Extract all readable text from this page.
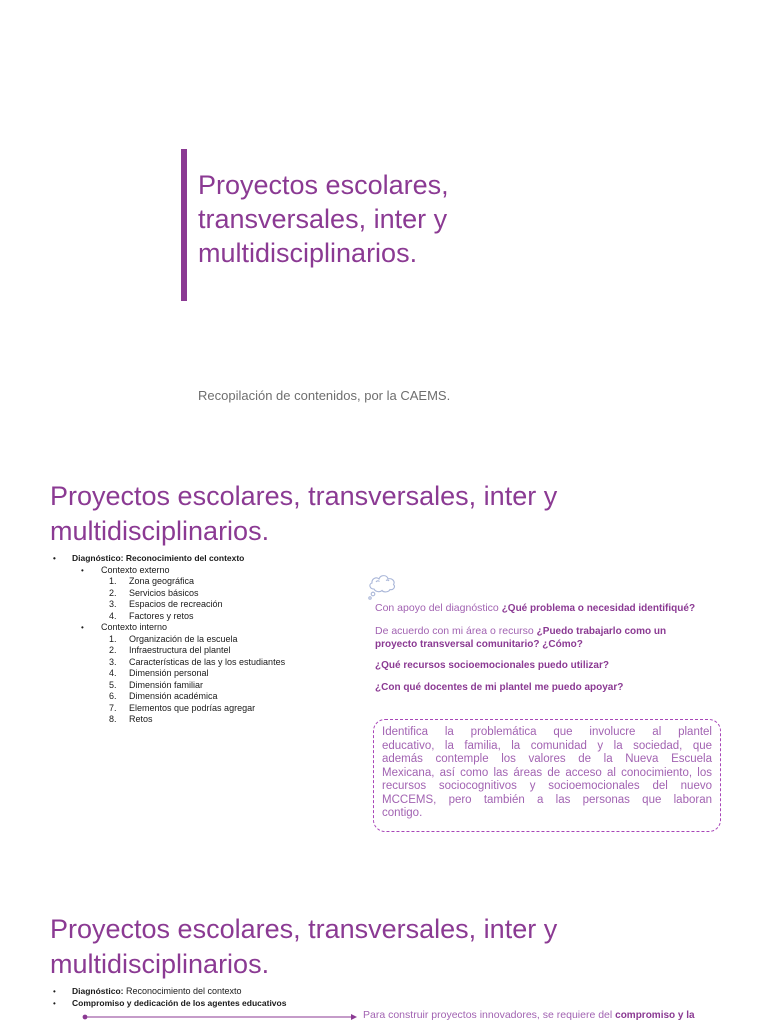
Proyectos escolares,
transversales, inter y
multidisciplinarios.
Recopilación de contenidos, por la CAEMS.
Proyectos escolares, transversales, inter y
multidisciplinarios.
•
Diagnóstico: Reconocimiento del contexto
•
Contexto externo
1. Zona geográfica
2. Servicios básicos
3. Espacios de recreación
4. Factores y retos
•
Contexto interno
1. Organización de la escuela
2. Infraestructura del plantel
3. Características de las y los estudiantes
4. Dimensión personal
5. Dimensión familiar
6. Dimensión académica
7. Elementos que podrías agregar
8. Retos
Con apoyo del diagnóstico ¿Qué problema o necesidad identifiqué?
De acuerdo con mi área o recurso ¿Puedo trabajarlo como un
proyecto transversal comunitario? ¿Cómo?
¿Qué recursos socioemocionales puedo utilizar?
¿Con qué docentes de mi plantel me puedo apoyar?
Identifica la problemática que involucre al plantel
educativo, la familia, la comunidad y la sociedad, que
además contemple los valores de la Nueva Escuela
Mexicana, así como las áreas de acceso al conocimiento, los
recursos sociocognitivos y socioemocionales del nuevo
MCCEMS, pero también a las personas que laboran
contigo.
Proyectos escolares, transversales, inter y
multidisciplinarios.
•
Diagnóstico: Reconocimiento del contexto
•
Compromiso y dedicación de los agentes educativos
Para construir proyectos innovadores, se requiere del compromiso y la
